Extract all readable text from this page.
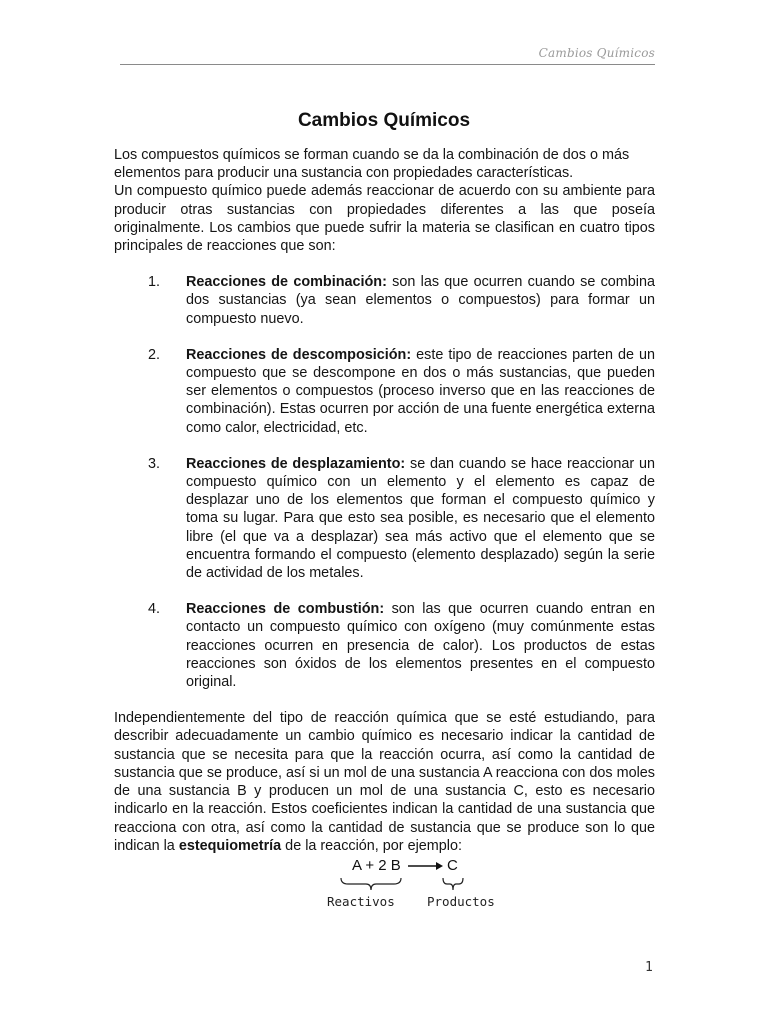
Cambios Químicos
Cambios Químicos

Los compuestos químicos se forman cuando se da la combinación de dos o más elementos para producir una sustancia con propiedades características.

Un compuesto químico puede además reaccionar de acuerdo con su ambiente para producir otras sustancias con propiedades diferentes a las que poseía originalmente. Los cambios que puede sufrir la materia se clasifican en cuatro tipos principales de reacciones que son:

1. Reacciones de combinación: son las que ocurren cuando se combina dos sustancias (ya sean elementos o compuestos) para formar un compuesto nuevo.
2. Reacciones de descomposición: este tipo de reacciones parten de un compuesto que se descompone en dos o más sustancias, que pueden ser elementos o compuestos (proceso inverso que en las reacciones de combinación). Estas ocurren por acción de una fuente energética externa como calor, electricidad, etc.
3. Reacciones de desplazamiento: se dan cuando se hace reaccionar un compuesto químico con un elemento y el elemento es capaz de desplazar uno de los elementos que forman el compuesto químico y toma su lugar. Para que esto sea posible, es necesario que el elemento libre (el que va a desplazar) sea más activo que el elemento que se encuentra formando el compuesto (elemento desplazado) según la serie de actividad de los metales.
4. Reacciones de combustión: son las que ocurren cuando entran en contacto un compuesto químico con oxígeno (muy comúnmente estas reacciones ocurren en presencia de calor). Los productos de estas reacciones son óxidos de los elementos presentes en el compuesto original.

Independientemente del tipo de reacción química que se esté estudiando, para describir adecuadamente un cambio químico es necesario indicar la cantidad de sustancia que se necesita para que la reacción ocurra, así como la cantidad de sustancia que se produce, así si un mol de una sustancia A reacciona con dos moles de una sustancia B y producen un mol de una sustancia C, esto es necesario indicarlo en la reacción. Estos coeficientes indican la cantidad de una sustancia que reacciona con otra, así como la cantidad de sustancia que se produce son lo que indican la estequiometría de la reacción, por ejemplo:

A + 2 B → C
Reactivos	Productos
1
